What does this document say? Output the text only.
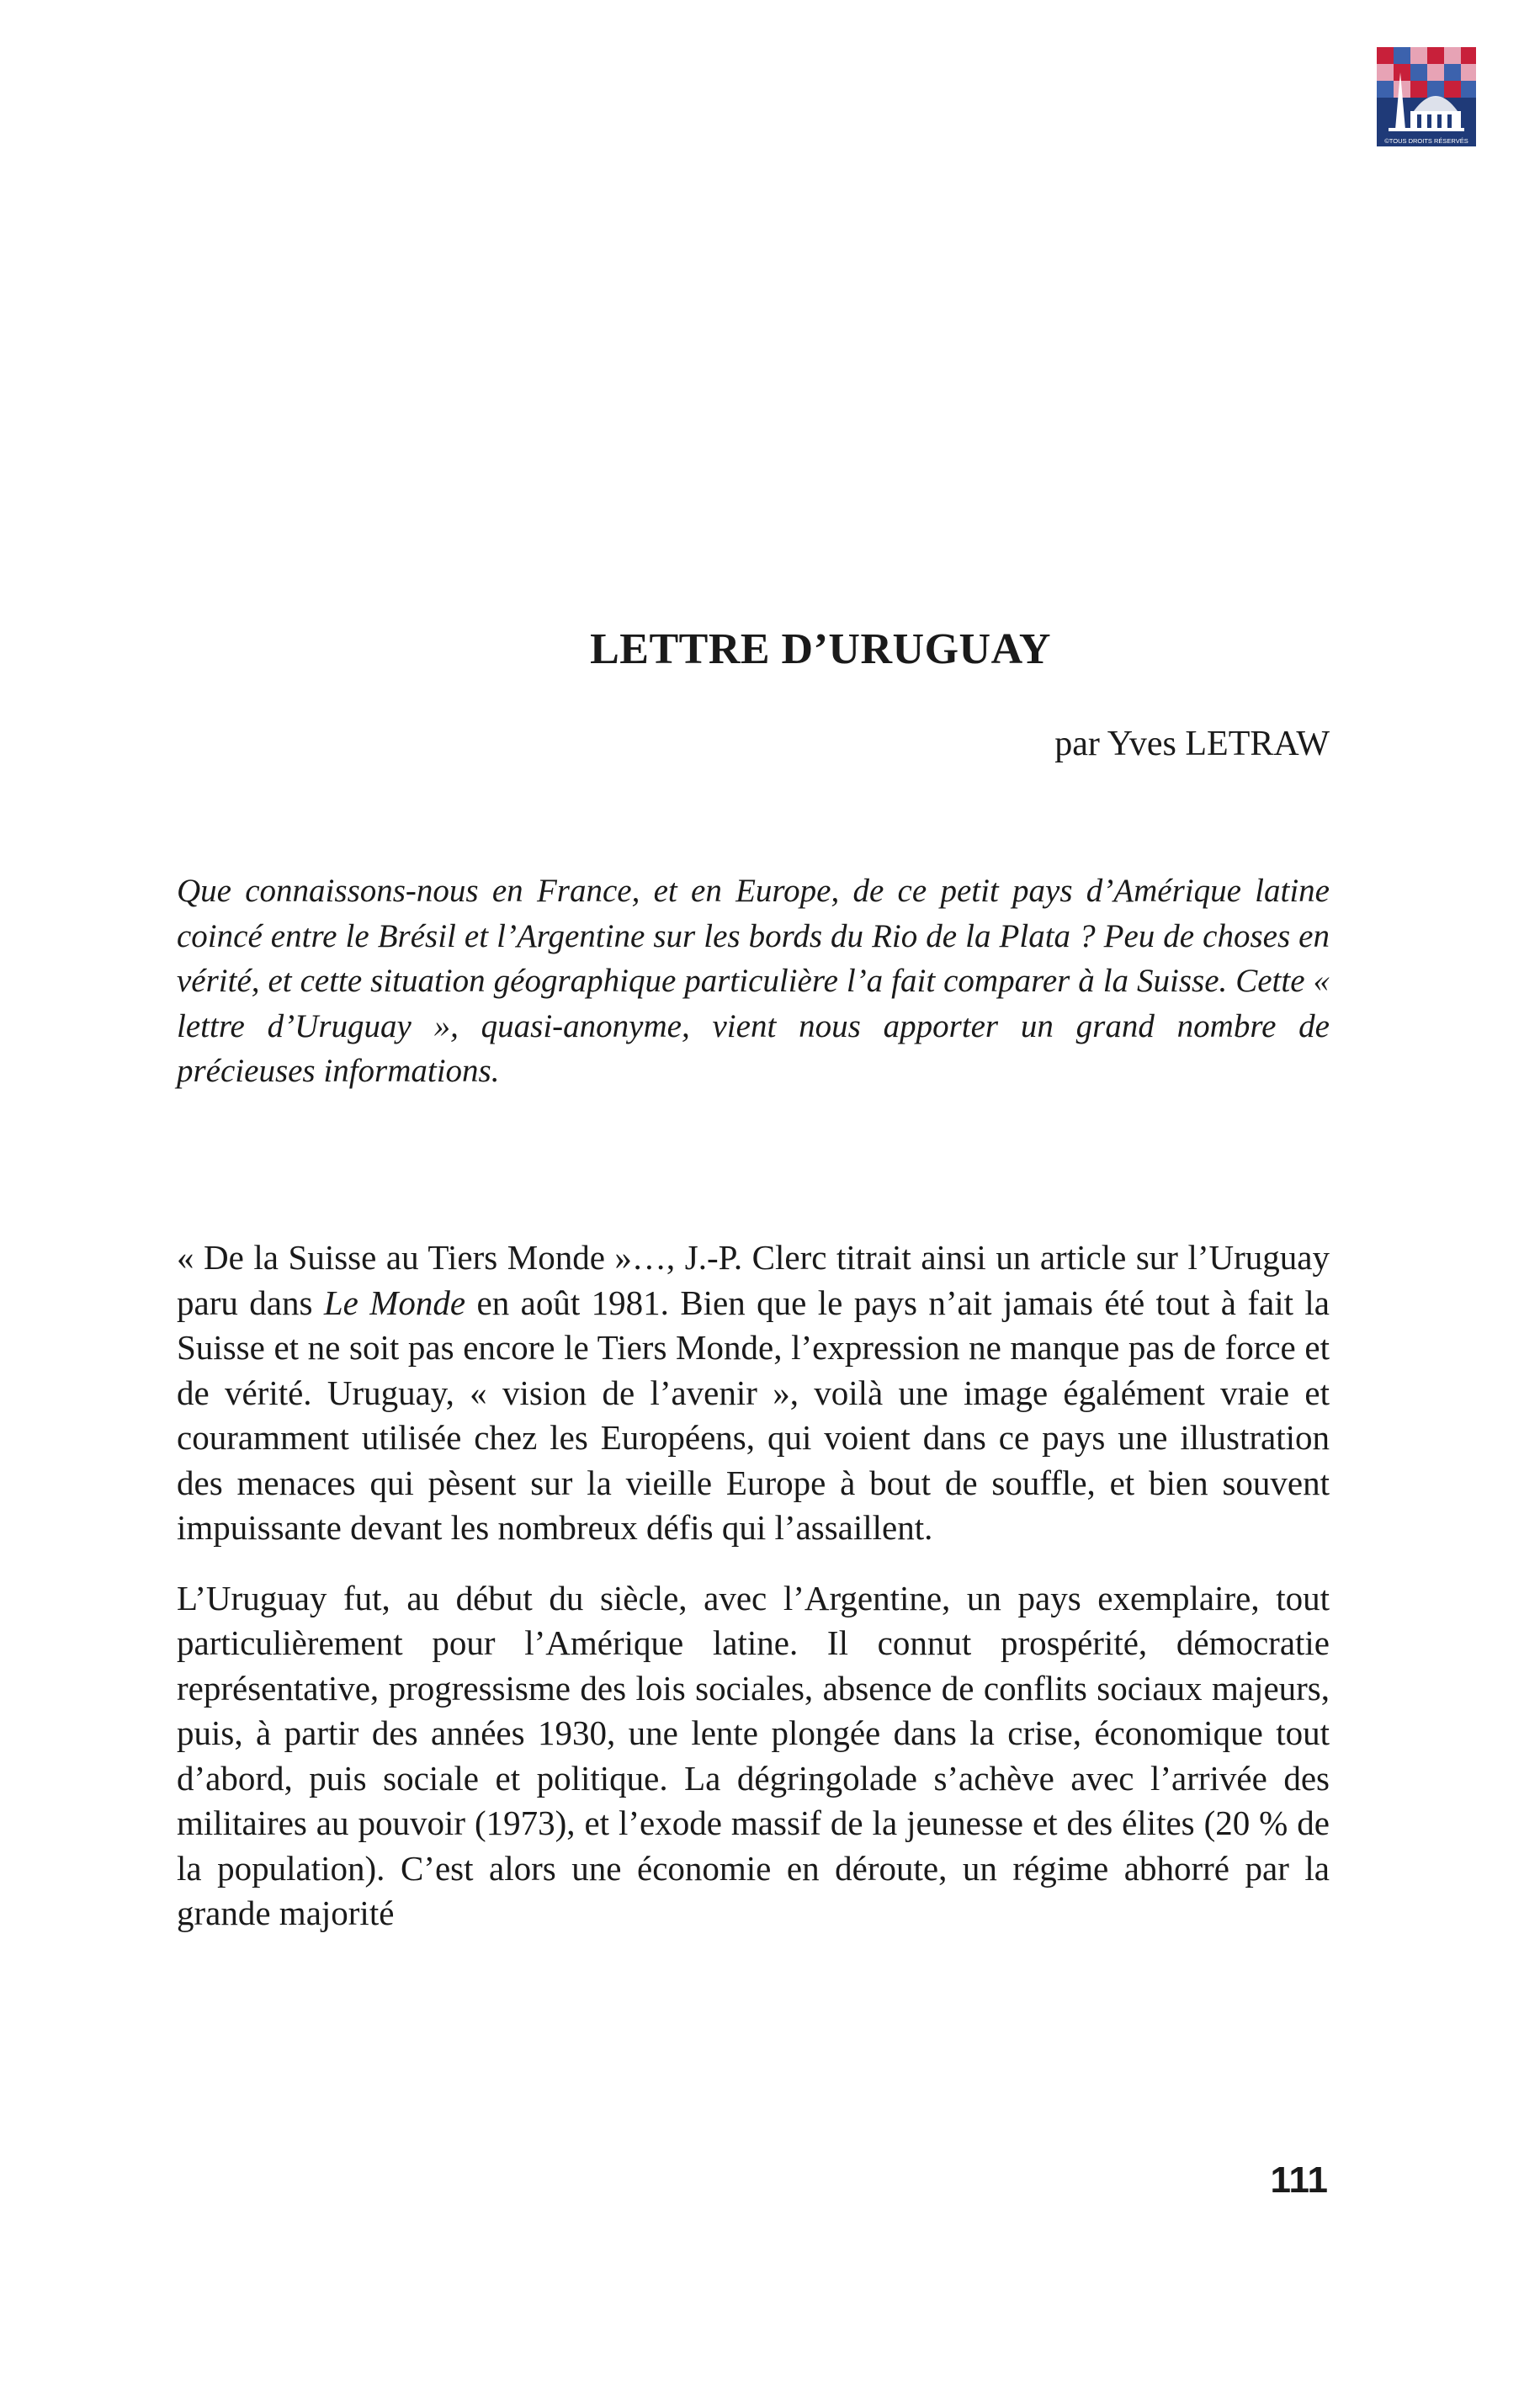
©TOUS DROITS RÉSERVÉS
LETTRE D’URUGUAY

par Yves LETRAW

Que connaissons-nous en France, et en Europe, de ce petit pays d’Amérique latine coincé entre le Brésil et l’Argentine sur les bords du Rio de la Plata ? Peu de choses en vérité, et cette situation géographique particulière l’a fait comparer à la Suisse. Cette « lettre d’Uruguay », quasi-anonyme, vient nous apporter un grand nombre de précieuses informations.

« De la Suisse au Tiers Monde »…, J.-P. Clerc titrait ainsi un article sur l’Uruguay paru dans Le Monde en août 1981. Bien que le pays n’ait jamais été tout à fait la Suisse et ne soit pas encore le Tiers Monde, l’expression ne manque pas de force et de vérité. Uruguay, « vision de l’avenir », voilà une image égalément vraie et couramment utilisée chez les Européens, qui voient dans ce pays une illustration des menaces qui pèsent sur la vieille Europe à bout de souffle, et bien souvent impuissante devant les nombreux défis qui l’assaillent.

L’Uruguay fut, au début du siècle, avec l’Argentine, un pays exemplaire, tout particulièrement pour l’Amérique latine. Il connut prospérité, démocratie représentative, progressisme des lois sociales, absence de conflits sociaux majeurs, puis, à partir des années 1930, une lente plongée dans la crise, économique tout d’abord, puis sociale et politique. La dégringolade s’achève avec l’arrivée des militaires au pouvoir (1973), et l’exode massif de la jeunesse et des élites (20 % de la population). C’est alors une économie en déroute, un régime abhorré par la grande majorité

111
